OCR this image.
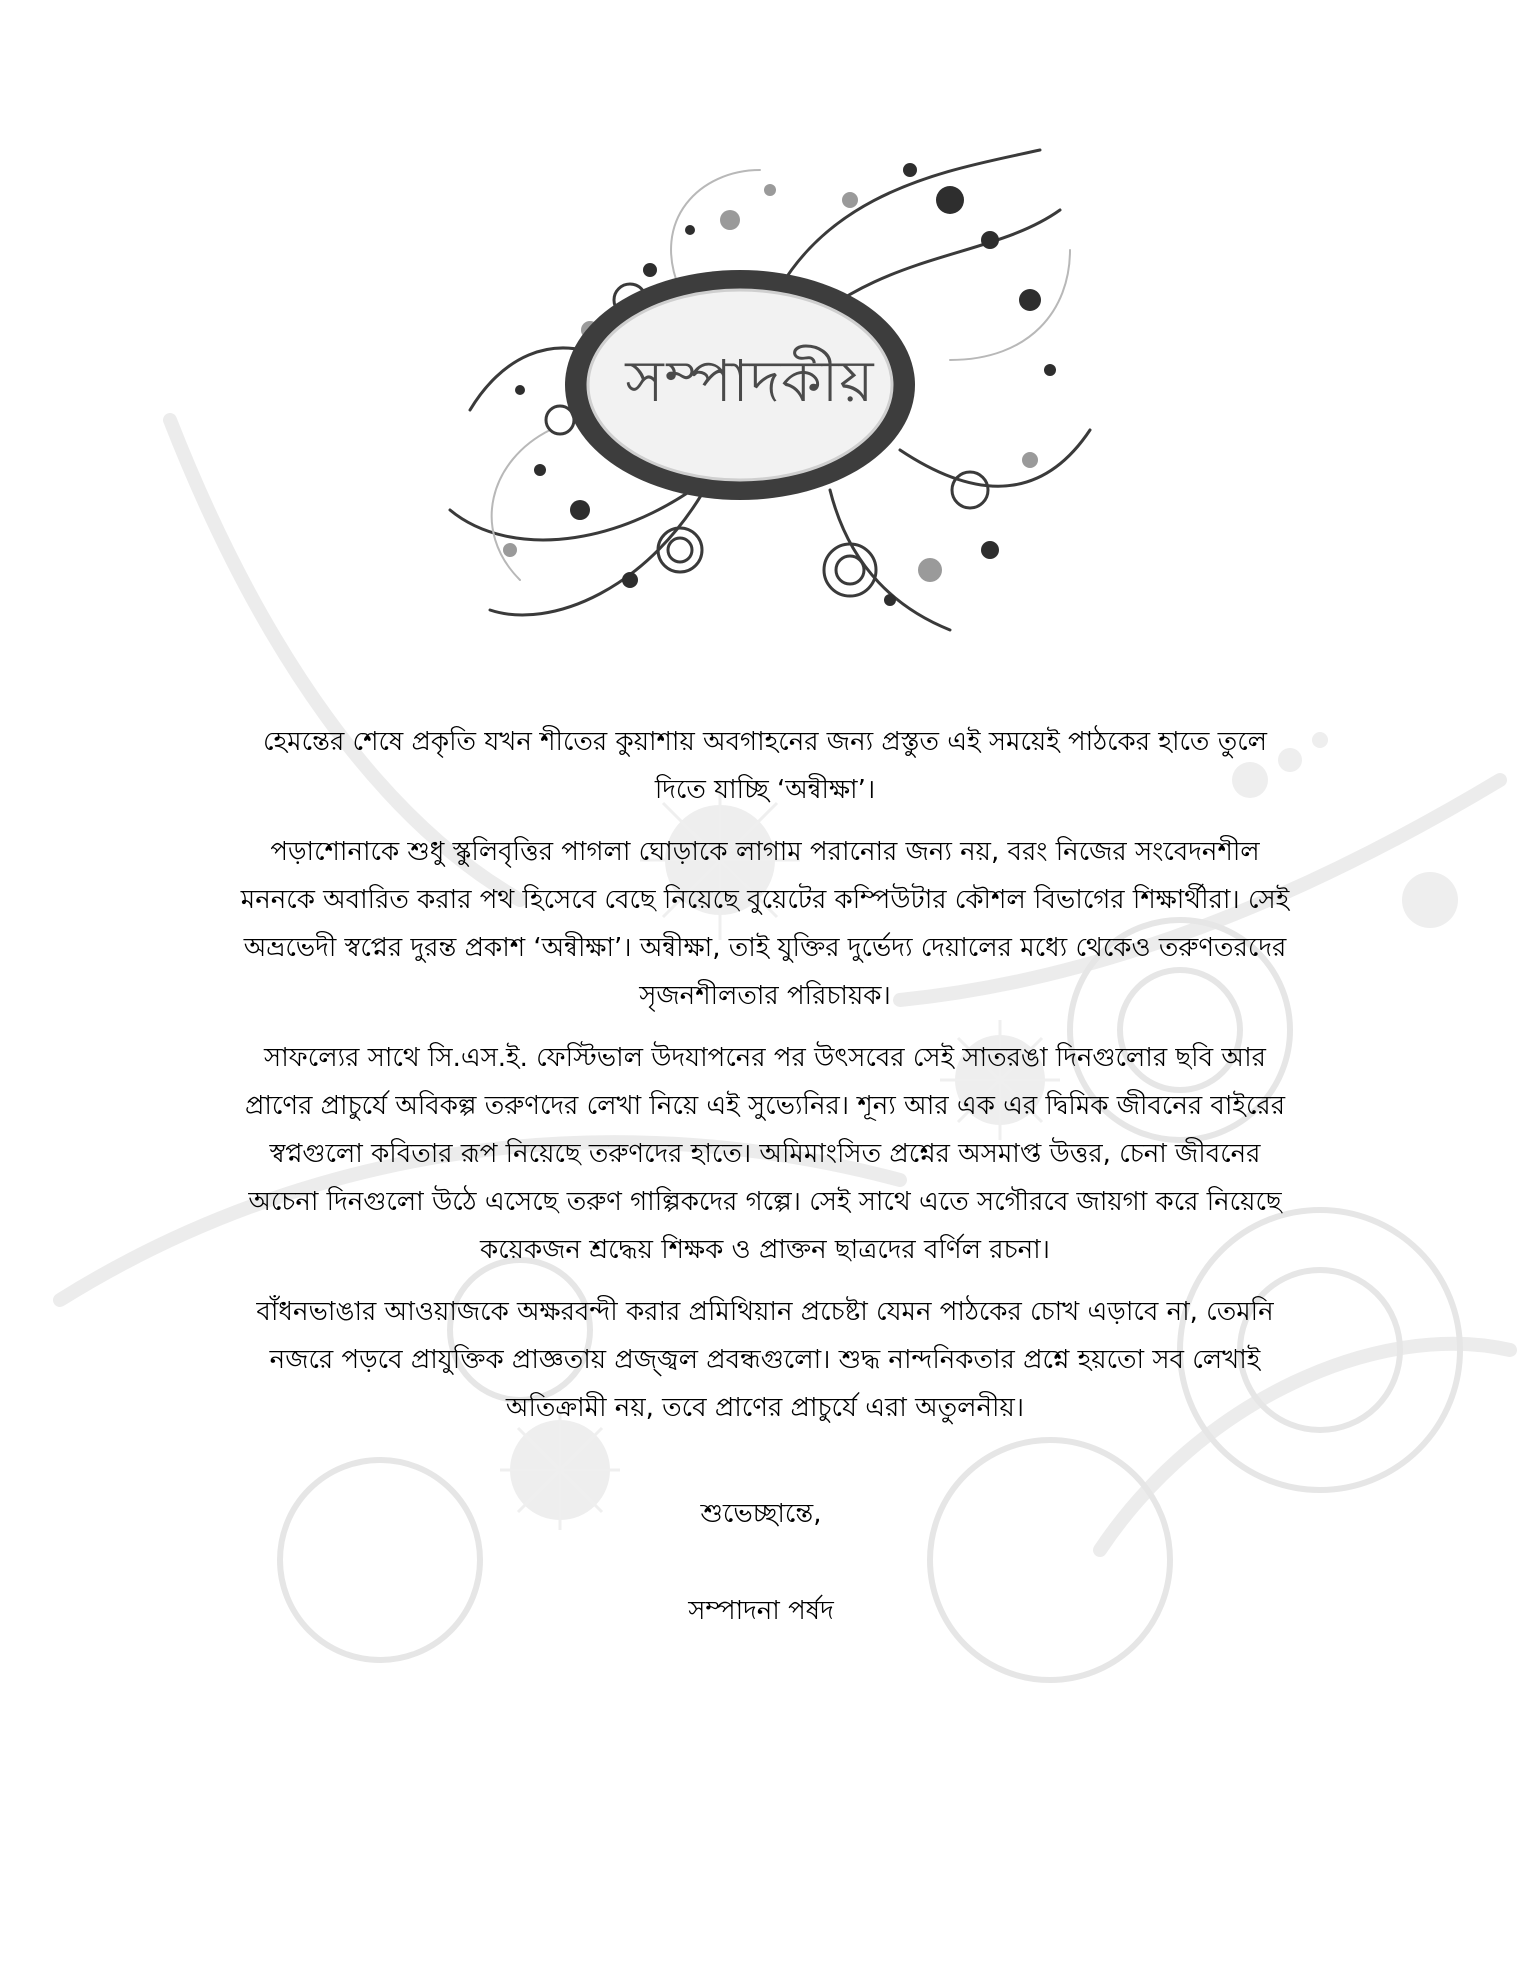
সম্পাদকীয়

হেমন্তের শেষে প্রকৃতি যখন শীতের কুয়াশায় অবগাহনের জন্য প্রস্তুত এই সময়েই পাঠকের হাতে তুলে দিতে যাচ্ছি ‘অন্বীক্ষা’।

পড়াশোনাকে শুধু স্কুলিবৃত্তির পাগলা ঘোড়াকে লাগাম পরানোর জন্য নয়, বরং নিজের সংবেদনশীল মননকে অবারিত করার পথ হিসেবে বেছে নিয়েছে বুয়েটের কম্পিউটার কৌশল বিভাগের শিক্ষার্থীরা। সেই অভ্রভেদী স্বপ্নের দুরন্ত প্রকাশ ‘অন্বীক্ষা’। অন্বীক্ষা, তাই যুক্তির দুর্ভেদ্য দেয়ালের মধ্যে থেকেও তরুণতরদের সৃজনশীলতার পরিচায়ক।

সাফল্যের সাথে সি.এস.ই. ফেস্টিভাল উদযাপনের পর উৎসবের সেই সাতরঙা দিনগুলোর ছবি আর প্রাণের প্রাচুর্যে অবিকল্প তরুণদের লেখা নিয়ে এই সুভ্যেনির। শূন্য আর এক এর দ্বিমিক জীবনের বাইরের স্বপ্নগুলো কবিতার রূপ নিয়েছে তরুণদের হাতে। অমিমাংসিত প্রশ্নের অসমাপ্ত উত্তর, চেনা জীবনের অচেনা দিনগুলো উঠে এসেছে তরুণ গাল্পিকদের গল্পে। সেই সাথে এতে সগৌরবে জায়গা করে নিয়েছে কয়েকজন শ্রদ্ধেয় শিক্ষক ও প্রাক্তন ছাত্রদের বর্ণিল রচনা।

বাঁধনভাঙার আওয়াজকে অক্ষরবন্দী করার প্রমিথিয়ান প্রচেষ্টা যেমন পাঠকের চোখ এড়াবে না, তেমনি নজরে পড়বে প্রাযুক্তিক প্রাজ্ঞতায় প্রজ্জ্বল প্রবন্ধগুলো। শুদ্ধ নান্দনিকতার প্রশ্নে হয়তো সব লেখাই অতিক্রামী নয়, তবে প্রাণের প্রাচুর্যে এরা অতুলনীয়।

শুভেচ্ছান্তে,
সম্পাদনা পর্ষদ
